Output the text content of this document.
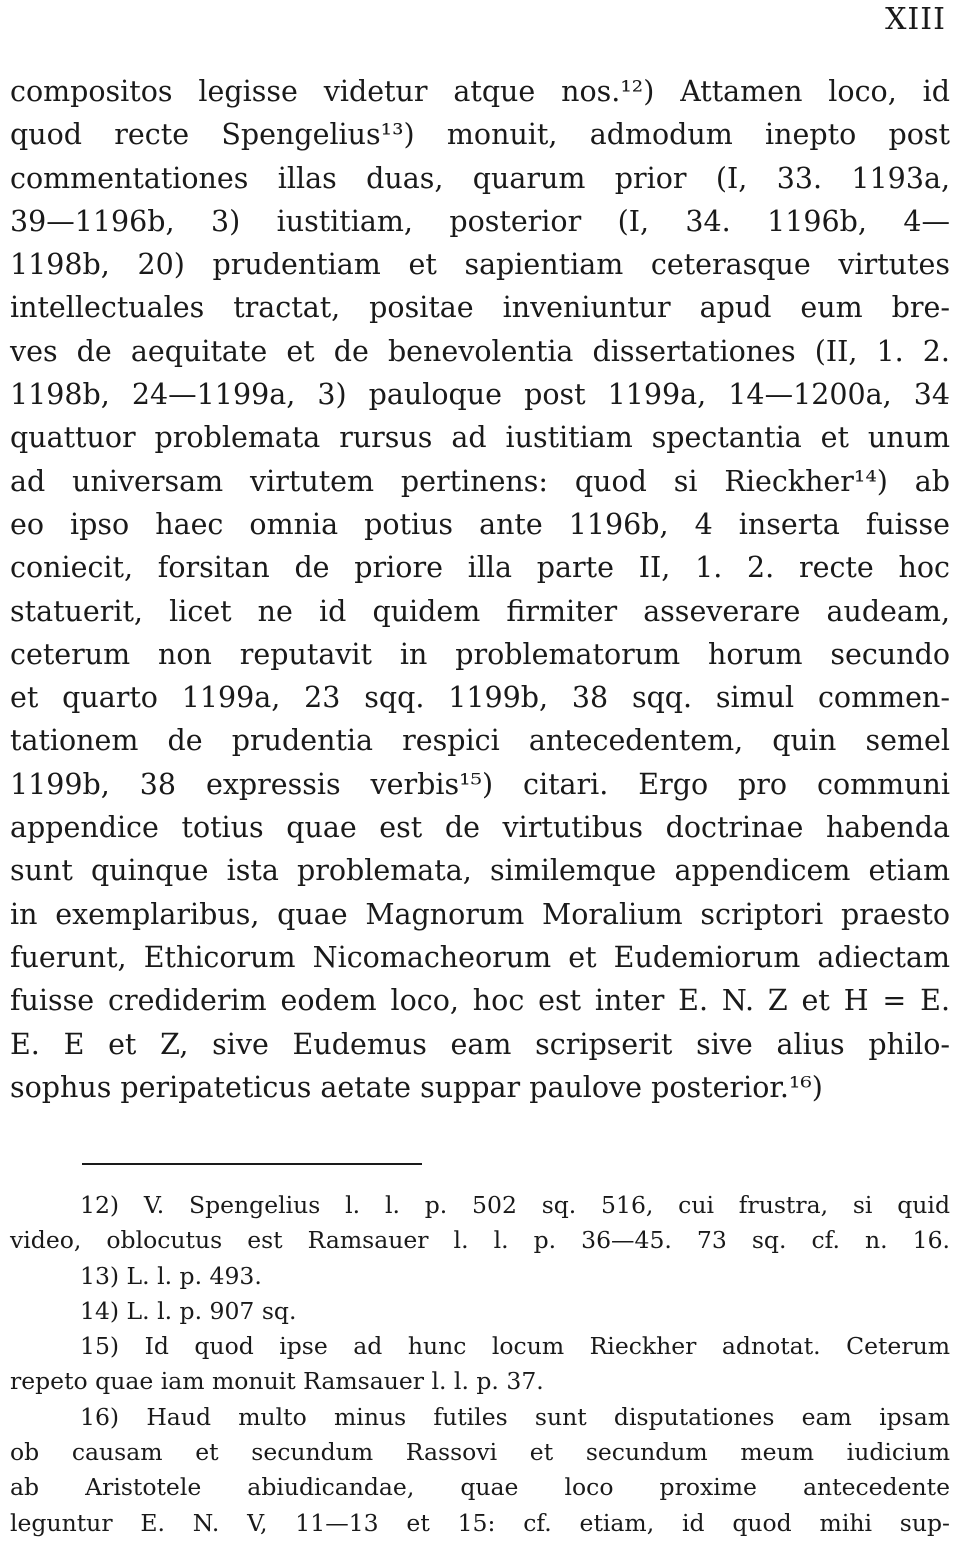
XIII
compositos legisse videtur atque nos.¹²) Attamen loco, id
quod recte Spengelius¹³) monuit, admodum inepto post
commentationes illas duas, quarum prior (I, 33. 1193a,
39—1196b, 3) iustitiam, posterior (I, 34. 1196b, 4—
1198b, 20) prudentiam et sapientiam ceterasque virtutes
intellectuales tractat, positae inveniuntur apud eum bre-
ves de aequitate et de benevolentia dissertationes (II, 1. 2.
1198b, 24—1199a, 3) pauloque post 1199a, 14—1200a, 34
quattuor problemata rursus ad iustitiam spectantia et unum
ad universam virtutem pertinens: quod si Rieckher¹⁴) ab
eo ipso haec omnia potius ante 1196b, 4 inserta fuisse
coniecit, forsitan de priore illa parte II, 1. 2. recte hoc
statuerit, licet ne id quidem firmiter asseverare audeam,
ceterum non reputavit in problematorum horum secundo
et quarto 1199a, 23 sqq. 1199b, 38 sqq. simul commen-
tationem de prudentia respici antecedentem, quin semel
1199b, 38 expressis verbis¹⁵) citari. Ergo pro communi
appendice totius quae est de virtutibus doctrinae habenda
sunt quinque ista problemata, similemque appendicem etiam
in exemplaribus, quae Magnorum Moralium scriptori praesto
fuerunt, Ethicorum Nicomacheorum et Eudemiorum adiectam
fuisse crediderim eodem loco, hoc est inter E. N. Z et H = E.
E. E et Z, sive Eudemus eam scripserit sive alius philo-
sophus peripateticus aetate suppar paulove posterior.¹⁶)
12) V. Spengelius l. l. p. 502 sq. 516, cui frustra, si quid
video, oblocutus est Ramsauer l. l. p. 36—45. 73 sq. cf. n. 16.
13) L. l. p. 493.
14) L. l. p. 907 sq.
15) Id quod ipse ad hunc locum Rieckher adnotat. Ceterum
repeto quae iam monuit Ramsauer l. l. p. 37.
16) Haud multo minus futiles sunt disputationes eam ipsam
ob causam et secundum Rassovi et secundum meum iudicium
ab Aristotele abiudicandae, quae loco proxime antecedente
leguntur E. N. V, 11—13 et 15: cf. etiam, id quod mihi sup-
